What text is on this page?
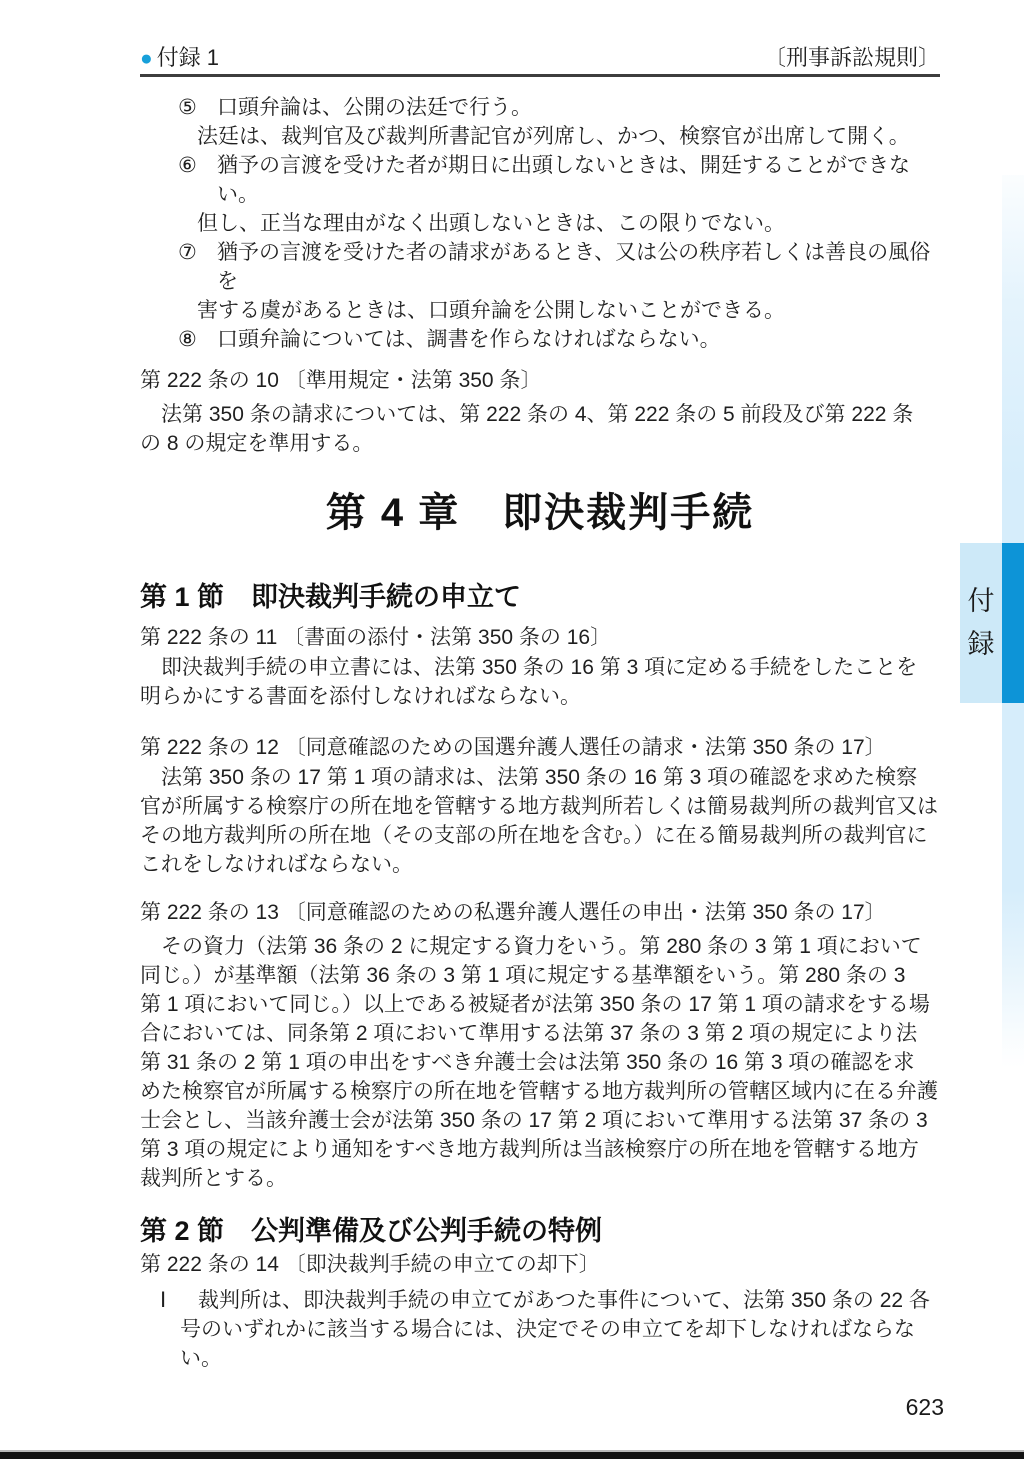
付
録
● 付録 1	〔刑事訴訟規則〕
⑤ 口頭弁論は、公開の法廷で行う。
法廷は、裁判官及び裁判所書記官が列席し、かつ、検察官が出席して開く。
⑥ 猶予の言渡を受けた者が期日に出頭しないときは、開廷することができない。
但し、正当な理由がなく出頭しないときは、この限りでない。
⑦ 猶予の言渡を受けた者の請求があるとき、又は公の秩序若しくは善良の風俗を
害する虞があるときは、口頭弁論を公開しないことができる。
⑧ 口頭弁論については、調書を作らなければならない。
第 222 条の 10 〔準用規定・法第 350 条〕
法第 350 条の請求については、第 222 条の 4、第 222 条の 5 前段及び第 222 条
の 8 の規定を準用する。
第 4 章　即決裁判手続
第 1 節　即決裁判手続の申立て
第 222 条の 11 〔書面の添付・法第 350 条の 16〕
即決裁判手続の申立書には、法第 350 条の 16 第 3 項に定める手続をしたことを
明らかにする書面を添付しなければならない。
第 222 条の 12 〔同意確認のための国選弁護人選任の請求・法第 350 条の 17〕
法第 350 条の 17 第 1 項の請求は、法第 350 条の 16 第 3 項の確認を求めた検察
官が所属する検察庁の所在地を管轄する地方裁判所若しくは簡易裁判所の裁判官又は
その地方裁判所の所在地（その支部の所在地を含む。）に在る簡易裁判所の裁判官に
これをしなければならない。
第 222 条の 13 〔同意確認のための私選弁護人選任の申出・法第 350 条の 17〕
その資力（法第 36 条の 2 に規定する資力をいう。第 280 条の 3 第 1 項において
同じ。）が基準額（法第 36 条の 3 第 1 項に規定する基準額をいう。第 280 条の 3
第 1 項において同じ。）以上である被疑者が法第 350 条の 17 第 1 項の請求をする場
合においては、同条第 2 項において準用する法第 37 条の 3 第 2 項の規定により法
第 31 条の 2 第 1 項の申出をすべき弁護士会は法第 350 条の 16 第 3 項の確認を求
めた検察官が所属する検察庁の所在地を管轄する地方裁判所の管轄区域内に在る弁護
士会とし、当該弁護士会が法第 350 条の 17 第 2 項において準用する法第 37 条の 3
第 3 項の規定により通知をすべき地方裁判所は当該検察庁の所在地を管轄する地方
裁判所とする。
第 2 節　公判準備及び公判手続の特例
第 222 条の 14 〔即決裁判手続の申立ての却下〕
Ⅰ 裁判所は、即決裁判手続の申立てがあつた事件について、法第 350 条の 22 各
号のいずれかに該当する場合には、決定でその申立てを却下しなければならない。
623
